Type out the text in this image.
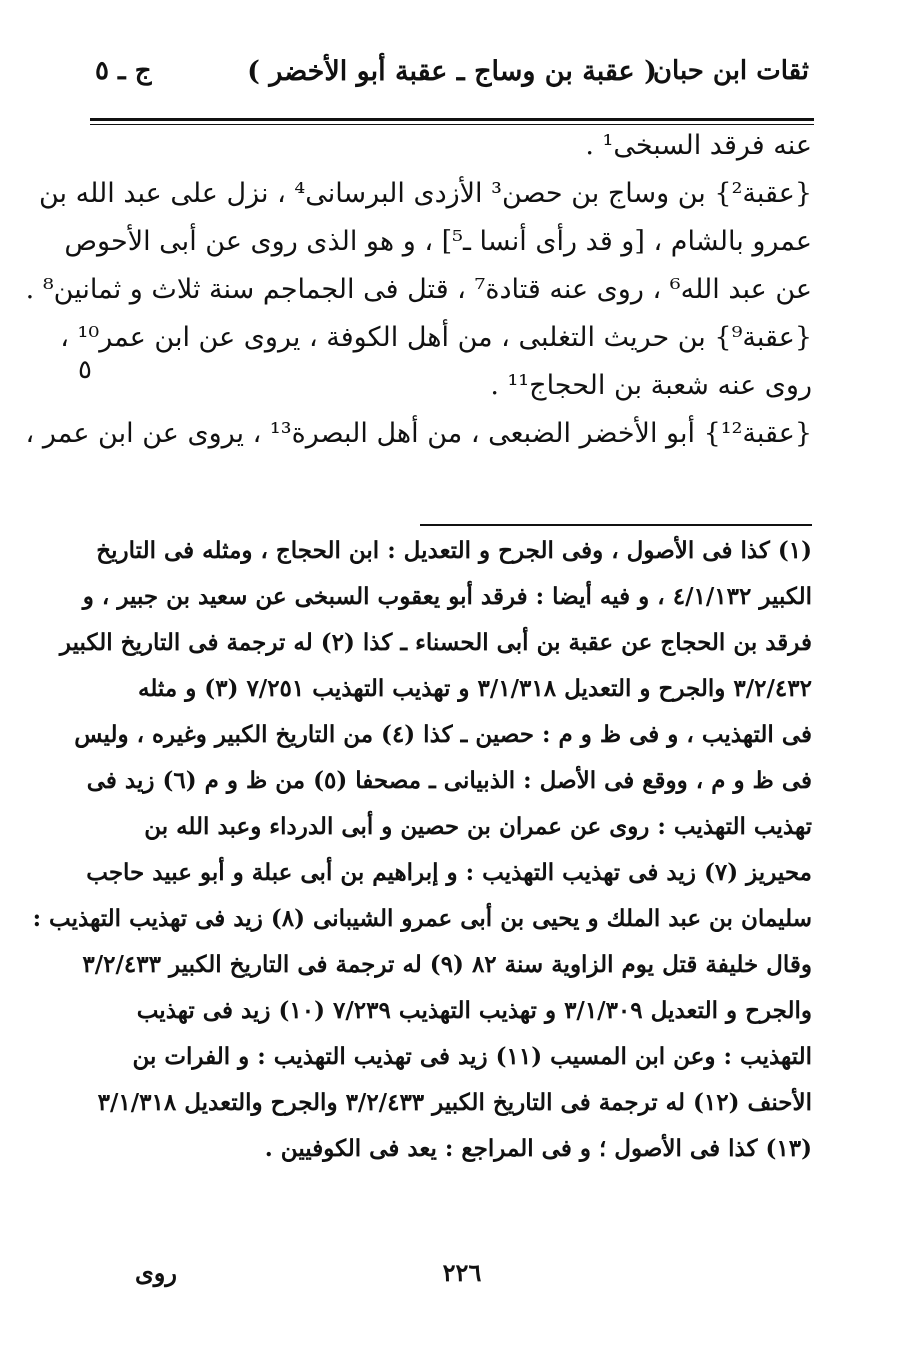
ثقات ابن حبان
( عقبة بن وساج ـ عقبة أبو الأخضر )
ج ـ ٥
عنه فرقد السبخى¹ .
{عقبة²} بن وساج بن حصن³ الأزدى البرسانى⁴ ، نزل على عبد الله بن
عمرو بالشام ، [و قد رأى أنسا ـ⁵] ، و هو الذى روى عن أبى الأحوص
عن عبد الله⁶ ، روى عنه قتادة⁷ ، قتل فى الجماجم سنة ثلاث و ثمانين⁸ .
{عقبة⁹} بن حريث التغلبى ، من أهل الكوفة ، يروى عن ابن عمر¹⁰ ،
روى عنه شعبة بن الحجاج¹¹ .
{عقبة¹²} أبو الأخضر الضبعى ، من أهل البصرة¹³ ، يروى عن ابن عمر ،
٥
(١) كذا فى الأصول ، وفى الجرح و التعديل : ابن الحجاج ، ومثله فى التاريخ
الكبير ٤/١/١٣٢ ، و فيه أيضا : فرقد أبو يعقوب السبخى عن سعيد بن جبير ، و
فرقد بن الحجاج عن عقبة بن أبى الحسناء ـ كذا (٢) له ترجمة فى التاريخ الكبير
٣/٢/٤٣٢ والجرح و التعديل ٣/١/٣١٨ و تهذيب التهذيب ٧/٢٥١ (٣) و مثله
فى التهذيب ، و فى ظ و م : حصين ـ كذا (٤) من التاريخ الكبير وغيره ، وليس
فى ظ و م ، ووقع فى الأصل : الذبيانى ـ مصحفا (٥) من ظ و م (٦) زيد فى
تهذيب التهذيب : روى عن عمران بن حصين و أبى الدرداء وعبد الله بن
محيريز (٧) زيد فى تهذيب التهذيب : و إبراهيم بن أبى عبلة و أبو عبيد حاجب
سليمان بن عبد الملك و يحيى بن أبى عمرو الشيبانى (٨) زيد فى تهذيب التهذيب :
وقال خليفة قتل يوم الزاوية سنة ٨٢ (٩) له ترجمة فى التاريخ الكبير ٣/٢/٤٣٣
والجرح و التعديل ٣/١/٣٠٩ و تهذيب التهذيب ٧/٢٣٩ (١٠) زيد فى تهذيب
التهذيب : وعن ابن المسيب (١١) زيد فى تهذيب التهذيب : و الفرات بن
الأحنف (١٢) له ترجمة فى التاريخ الكبير ٣/٢/٤٣٣ والجرح والتعديل ٣/١/٣١٨
(١٣) كذا فى الأصول ؛ و فى المراجع : يعد فى الكوفيين .
٢٢٦
روى
